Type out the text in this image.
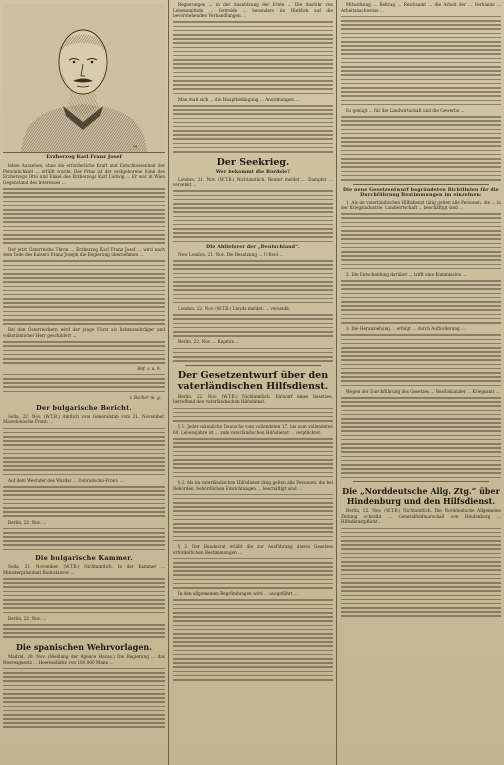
sig.
Erzherzog Karl Franz Josef

leben Aussehen, ohne die erforderliche Kraft und Entschlossenheit der Persönlichkeit ... erfüllt wurde. Der Prinz ist der erstgeborene Sohn des Erzherzogs Otto und Enkel des Erzherzogs Karl Ludwig ... Er war in Wien Gegenstand des Interesses ...

Der jetzt Österreichs Thron ... Erzherzog Karl Franz Josef ... wird nach dem Tode des Kaisers Franz Joseph die Regierung übernehmen ...

Bei den Österreichern wird der junge Fürst als liebenswürdiger und volkstümlicher Herr geschildert ...

Ref. v. u. h.
v. Bocher m. g.
Der bulgarische Bericht.

Sofia, 22. Nov. (W.T.B.) Amtlich vom Generalstab vom 21. November. Mazedonische Front: ...

Auf dem Westufer des Wardar ... Dobrudscha-Front: ...

Berlin, 22. Nov. ...

Die bulgarische Kammer.

Sofia, 21. November. (W.T.B.) Nichtamtlich. In der Kammer ... Ministerpräsident Radoslawow ...

Berlin, 22. Nov. ...

Die spanischen Wehrvorlagen.

Madrid, 20. Nov. (Meldung der Agence Havas.) Die Regierung ... das Heeresgesetz ... Heeresstärke von 180 000 Mann ...

Regierungen ... in der Ausnützung der Ernte ... Die Ausfuhr von Lebensmitteln ... Getreide ... besonders im Hinblick auf die bevorstehenden Verhandlungen ...

Man muß sich ... die Hauptbedingung ... Anordnungen ...

Der Seekrieg.
Wer bekommt die Bordsle?

London, 21. Nov. (W.T.B.) Nichtamtlich. Reuter meldet ... Dampfer ... versenkt ...

Die Ablieferer der „Deutschland“.

New London, 21. Nov. Die Besatzung ... U-Boot ...

London, 22. Nov. (W.T.B.) Lloyds meldet: ... versenkt.

Berlin, 22. Nov. ... Kapitän ...

Der Gesetzentwurf über den vaterländischen Hilfsdienst.

Berlin, 22. Nov. (W.T.B.) Nichtamtlich. Entwurf eines Gesetzes, betreffend den vaterländischen Hilfsdienst.

§ 1. Jeder männliche Deutsche vom vollendeten 17. bis zum vollendeten 60. Lebensjahre ist ... zum vaterländischen Hilfsdienst ... verpflichtet.

§ 2. Als im vaterländischen Hilfsdienst tätig gelten alle Personen, die bei Behörden, behördlichen Einrichtungen ... beschäftigt sind ...

§ 3. Der Bundesrat erläßt die zur Ausführung dieses Gesetzes erforderlichen Bestimmungen ...

In den allgemeinen Begründungen wird ... ausgeführt ...

Mitwirkung ... Beitrag ... Reichsamt ... die Arbeit der ... Verbände ... Arbeitsnachweise ...

Es genügt ... für die Landwirtschaft und die Gewerbe ...

Die neue Gesetzentwurf begründeten Richtlinien für die Durchführung Bestimmungen im einzelnen:

1. Als im vaterländischen Hilfsdienst tätig gelten alle Personen, die ... in der Kriegsindustrie, Landwirtschaft ... beschäftigt sind ...

2. Die Entscheidung darüber ... trifft eine Kommission ...

3. Die Heranziehung ... erfolgt ... durch Aufforderung ...

Wegen der Durchführung des Gesetzes ... Reichskanzler ... Kriegsamt ...

Die „Norddeutsche Allg. Ztg.“ über Hindenburg und den Hilfsdienst.

Berlin, 22. Nov. (W.T.B.) Nichtamtlich. Die Norddeutsche Allgemeine Zeitung schreibt ... Generalfeldmarschall von Hindenburg ... Hilfsdienstpflicht ...
